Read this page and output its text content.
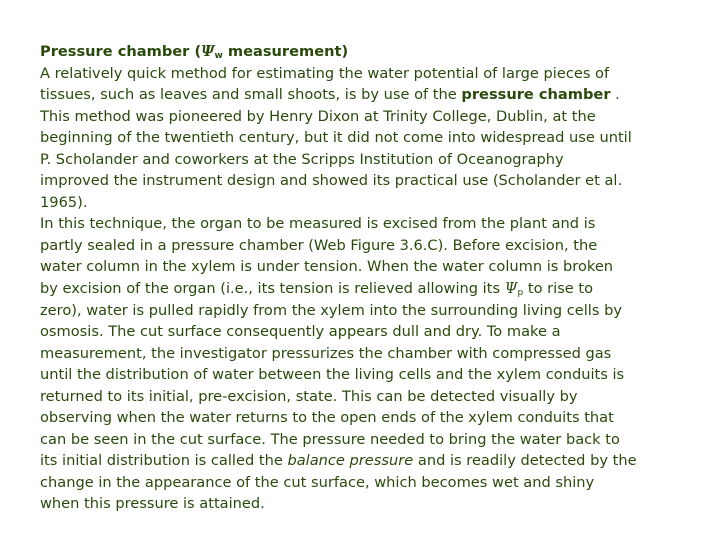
Pressure chamber ($\Psi_w$ measurement)
A relatively quick method for estimating the water potential of large pieces of
tissues, such as leaves and small shoots, is by use of the pressure chamber .
This method was pioneered by Henry Dixon at Trinity College, Dublin, at the
beginning of the twentieth century, but it did not come into widespread use until
P. Scholander and coworkers at the Scripps Institution of Oceanography
improved the instrument design and showed its practical use (Scholander et al.
1965).
In this technique, the organ to be measured is excised from the plant and is
partly sealed in a pressure chamber (Web Figure 3.6.C). Before excision, the
water column in the xylem is under tension. When the water column is broken
by excision of the organ (i.e., its tension is relieved allowing its $\Psi_p$ to rise to
zero), water is pulled rapidly from the xylem into the surrounding living cells by
osmosis. The cut surface consequently appears dull and dry. To make a
measurement, the investigator pressurizes the chamber with compressed gas
until the distribution of water between the living cells and the xylem conduits is
returned to its initial, pre-excision, state. This can be detected visually by
observing when the water returns to the open ends of the xylem conduits that
can be seen in the cut surface. The pressure needed to bring the water back to
its initial distribution is called the balance pressure and is readily detected by the
change in the appearance of the cut surface, which becomes wet and shiny
when this pressure is attained.
